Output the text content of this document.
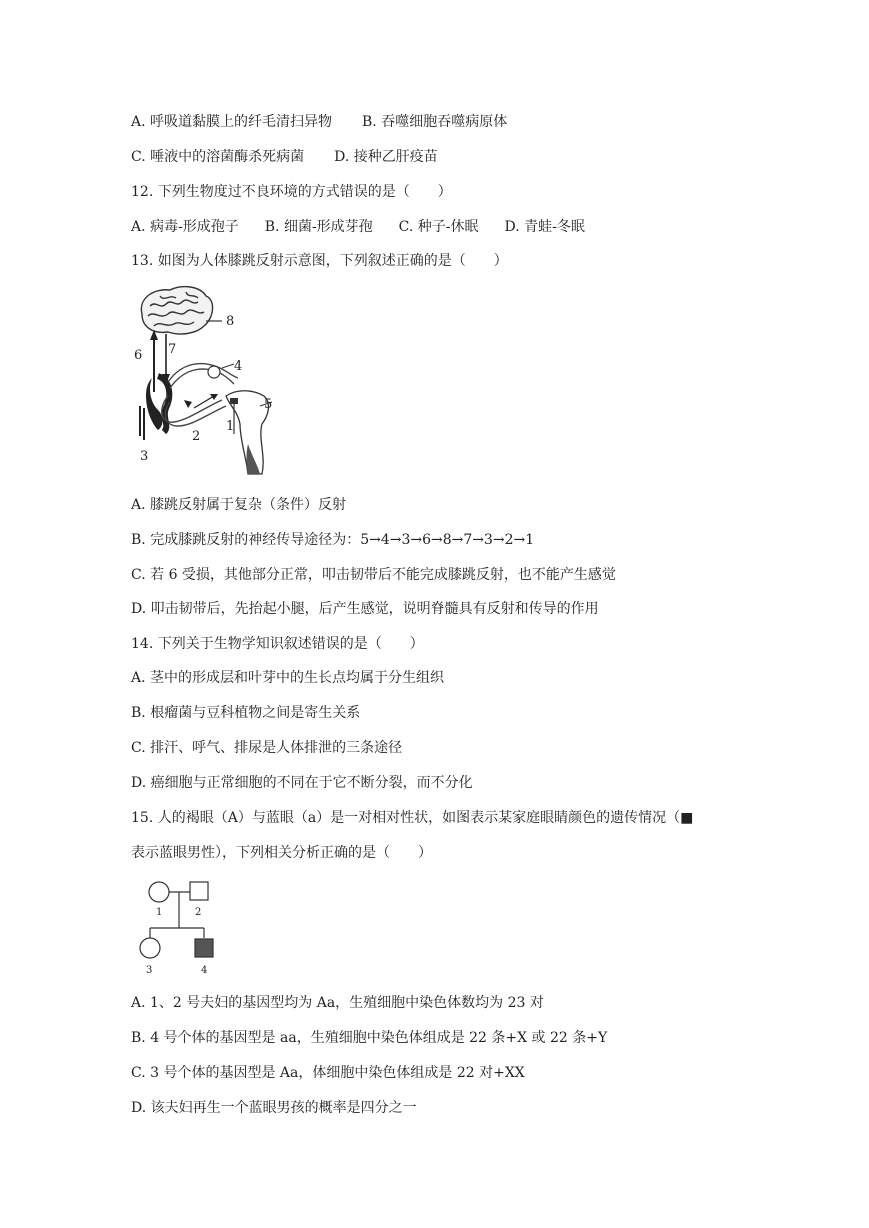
A. 呼吸道黏膜上的纤毛清扫异物 B. 吞噬细胞吞噬病原体
C. 唾液中的溶菌酶杀死病菌 D. 接种乙肝疫苗
12. 下列生物度过不良环境的方式错误的是（　　）
A. 病毒-形成孢子 B. 细菌-形成芽孢 C. 种子-休眠 D. 青蛙-冬眠
13. 如图为人体膝跳反射示意图，下列叙述正确的是（　　）
8
6 7
4
5
1
2
3
A. 膝跳反射属于复杂（条件）反射
B. 完成膝跳反射的神经传导途径为：5→4→3→6→8→7→3→2→1
C. 若 6 受损，其他部分正常，叩击韧带后不能完成膝跳反射，也不能产生感觉
D. 叩击韧带后，先抬起小腿，后产生感觉，说明脊髓具有反射和传导的作用
14. 下列关于生物学知识叙述错误的是（　　）
A. 茎中的形成层和叶芽中的生长点均属于分生组织
B. 根瘤菌与豆科植物之间是寄生关系
C. 排汗、呼气、排尿是人体排泄的三条途径
D. 癌细胞与正常细胞的不同在于它不断分裂，而不分化
15. 人的褐眼（A）与蓝眼（a）是一对相对性状，如图表示某家庭眼睛颜色的遗传情况（■
表示蓝眼男性），下列相关分析正确的是（　　）
1	2
3	4
A. 1、2 号夫妇的基因型均为 Aa，生殖细胞中染色体数均为 23 对
B. 4 号个体的基因型是 aa，生殖细胞中染色体组成是 22 条+X 或 22 条+Y
C. 3 号个体的基因型是 Aa，体细胞中染色体组成是 22 对+XX
D. 该夫妇再生一个蓝眼男孩的概率是四分之一
